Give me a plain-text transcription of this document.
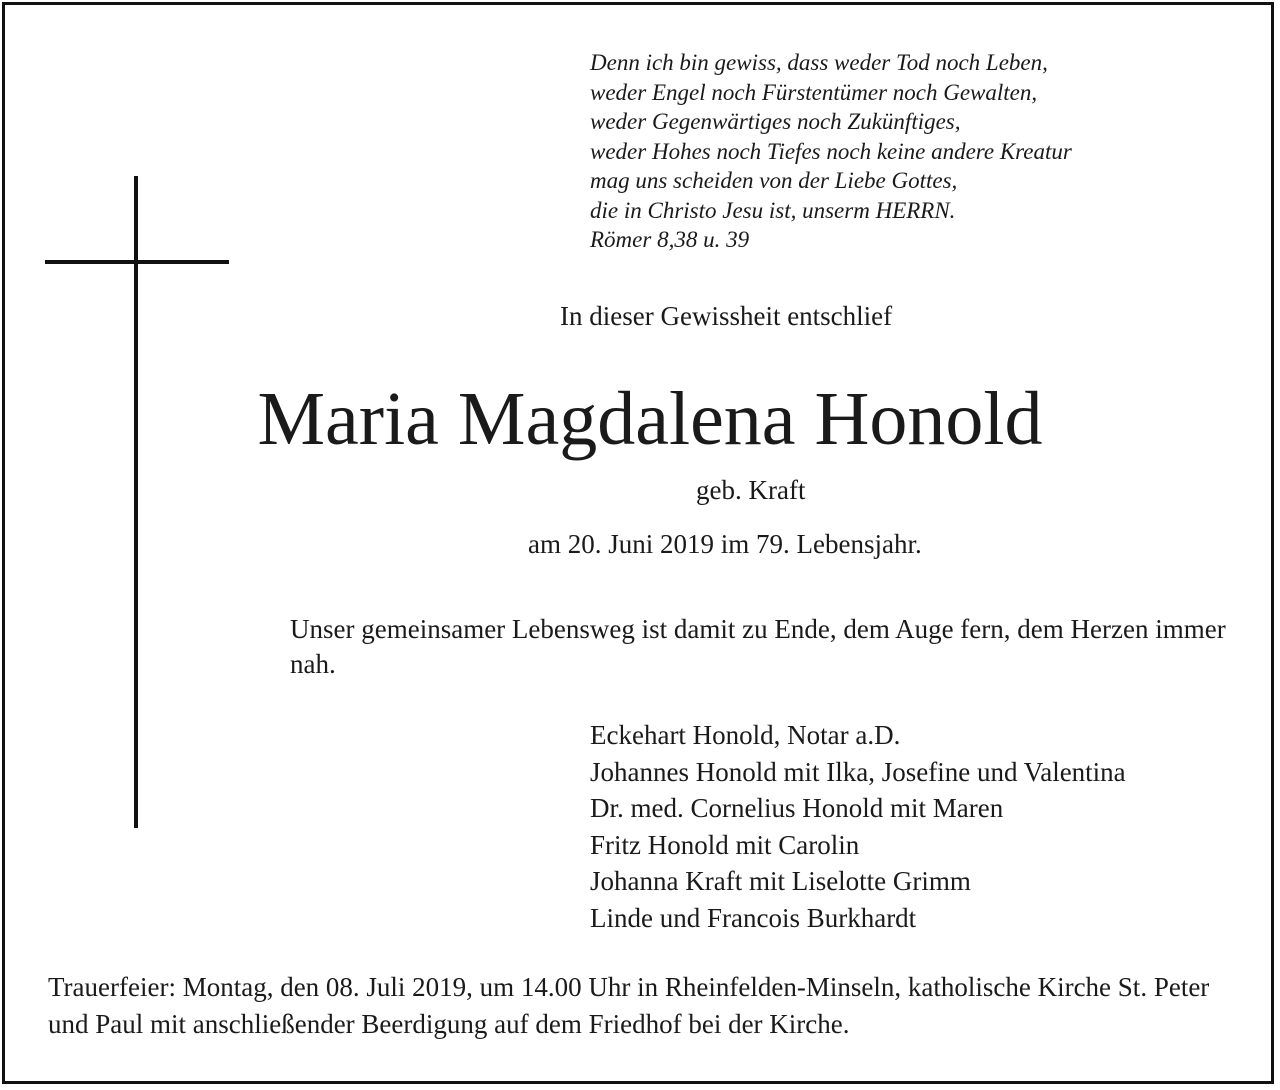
Denn ich bin gewiss, dass weder Tod noch Leben,
weder Engel noch Fürstentümer noch Gewalten,
weder Gegenwärtiges noch Zukünftiges,
weder Hohes noch Tiefes noch keine andere Kreatur
mag uns scheiden von der Liebe Gottes,
die in Christo Jesu ist, unserm HERRN.
Römer 8,38 u. 39
In dieser Gewissheit entschlief
Maria Magdalena Honold
geb. Kraft
am 20. Juni 2019 im 79. Lebensjahr.

Unser gemeinsamer Lebensweg ist damit zu Ende, dem Auge fern, dem Herzen immer nah.

Eckehart Honold, Notar a.D.
Johannes Honold mit Ilka, Josefine und Valentina
Dr. med. Cornelius Honold mit Maren
Fritz Honold mit Carolin
Johanna Kraft mit Liselotte Grimm
Linde und Francois Burkhardt

Trauerfeier: Montag, den 08. Juli 2019, um 14.00 Uhr in Rheinfelden-Minseln, katholische Kirche St. Peter und Paul mit anschließender Beerdigung auf dem Friedhof bei der Kirche.
